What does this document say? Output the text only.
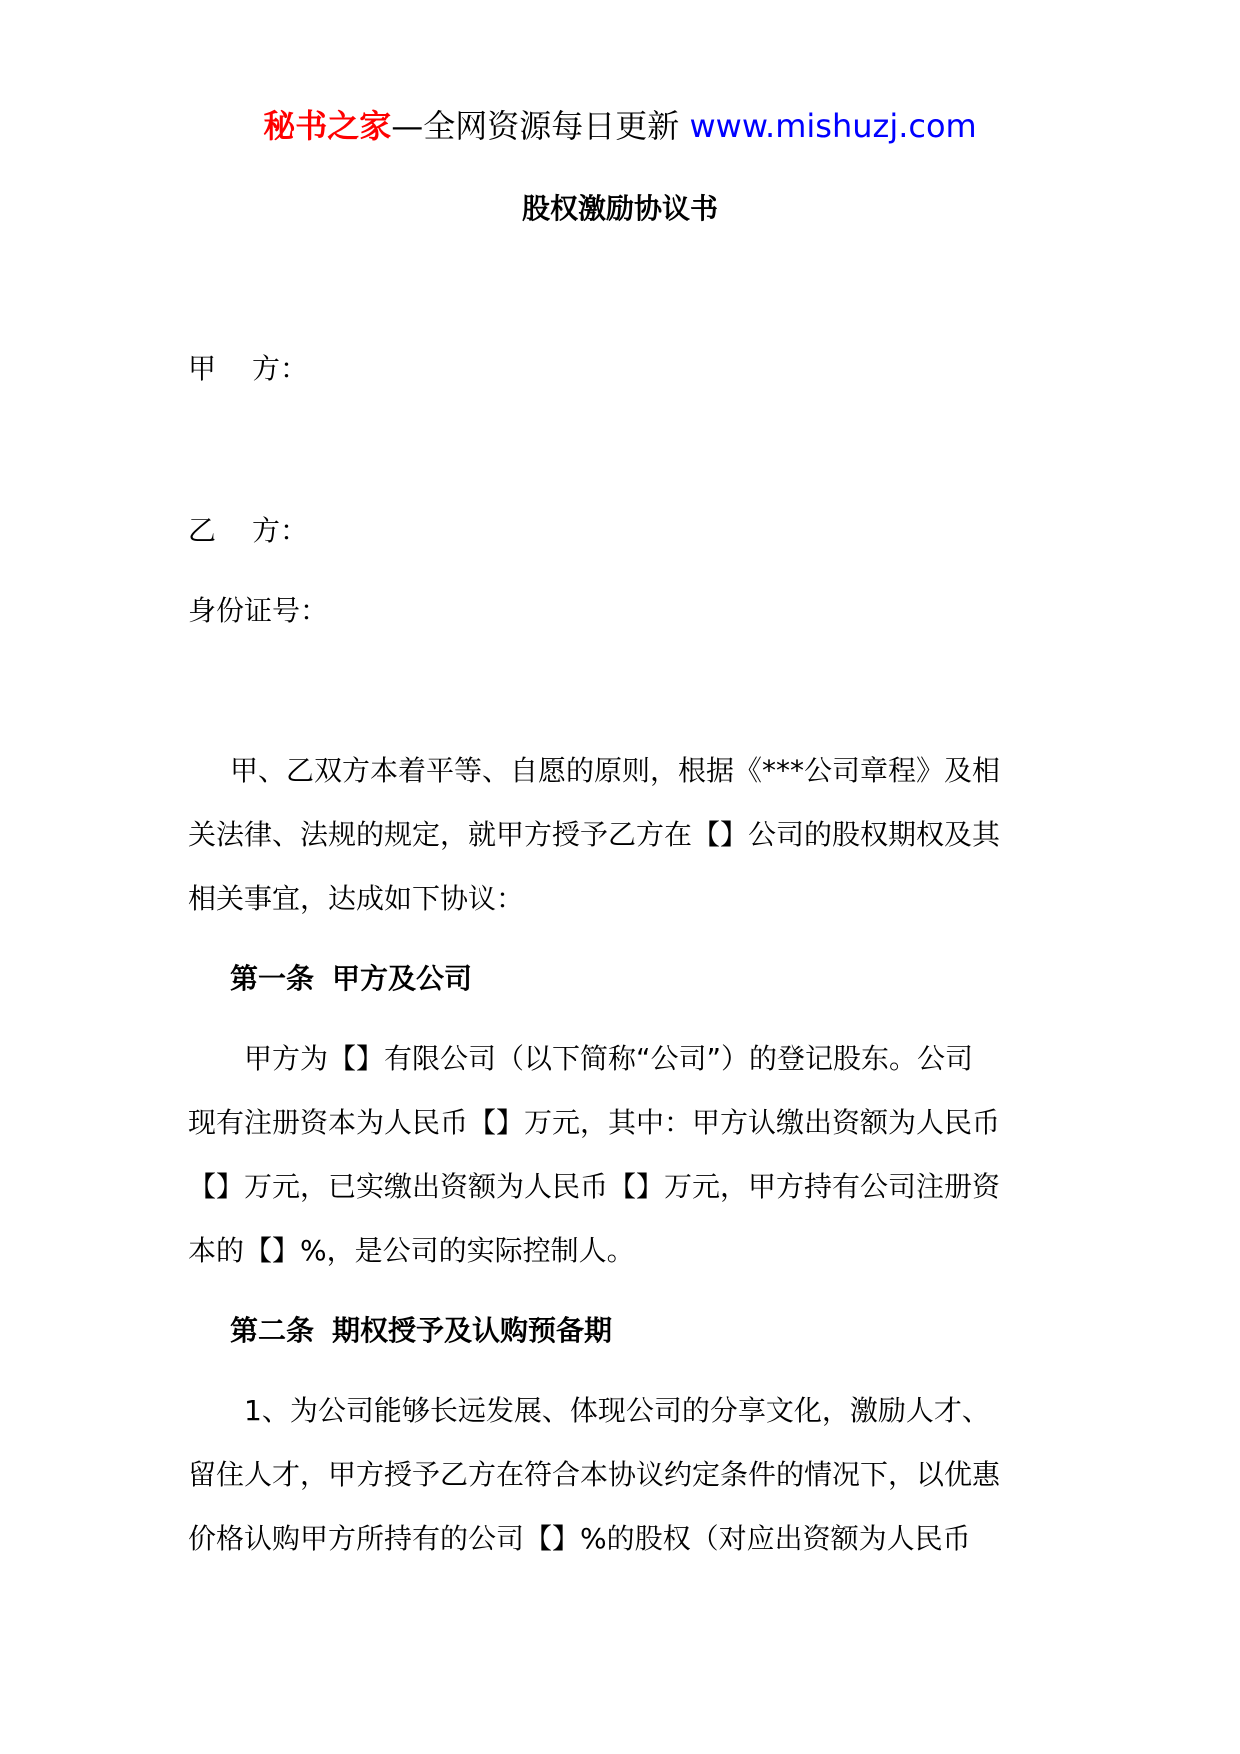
秘书之家—全网资源每日更新 www.mishuzj.com
股权激励协议书
甲 方：
乙 方：
身份证号：
甲、乙双方本着平等、自愿的原则，根据《***公司章程》及相
关法律、法规的规定，就甲方授予乙方在【】公司的股权期权及其
相关事宜，达成如下协议：
第一条 甲方及公司
甲方为【】有限公司（以下简称“公司”）的登记股东。公司
现有注册资本为人民币【】万元，其中：甲方认缴出资额为人民币
【】万元，已实缴出资额为人民币【】万元，甲方持有公司注册资
本的【】%，是公司的实际控制人。
第二条 期权授予及认购预备期
1、为公司能够长远发展、体现公司的分享文化，激励人才、
留住人才，甲方授予乙方在符合本协议约定条件的情况下，以优惠
价格认购甲方所持有的公司【】%的股权（对应出资额为人民币
